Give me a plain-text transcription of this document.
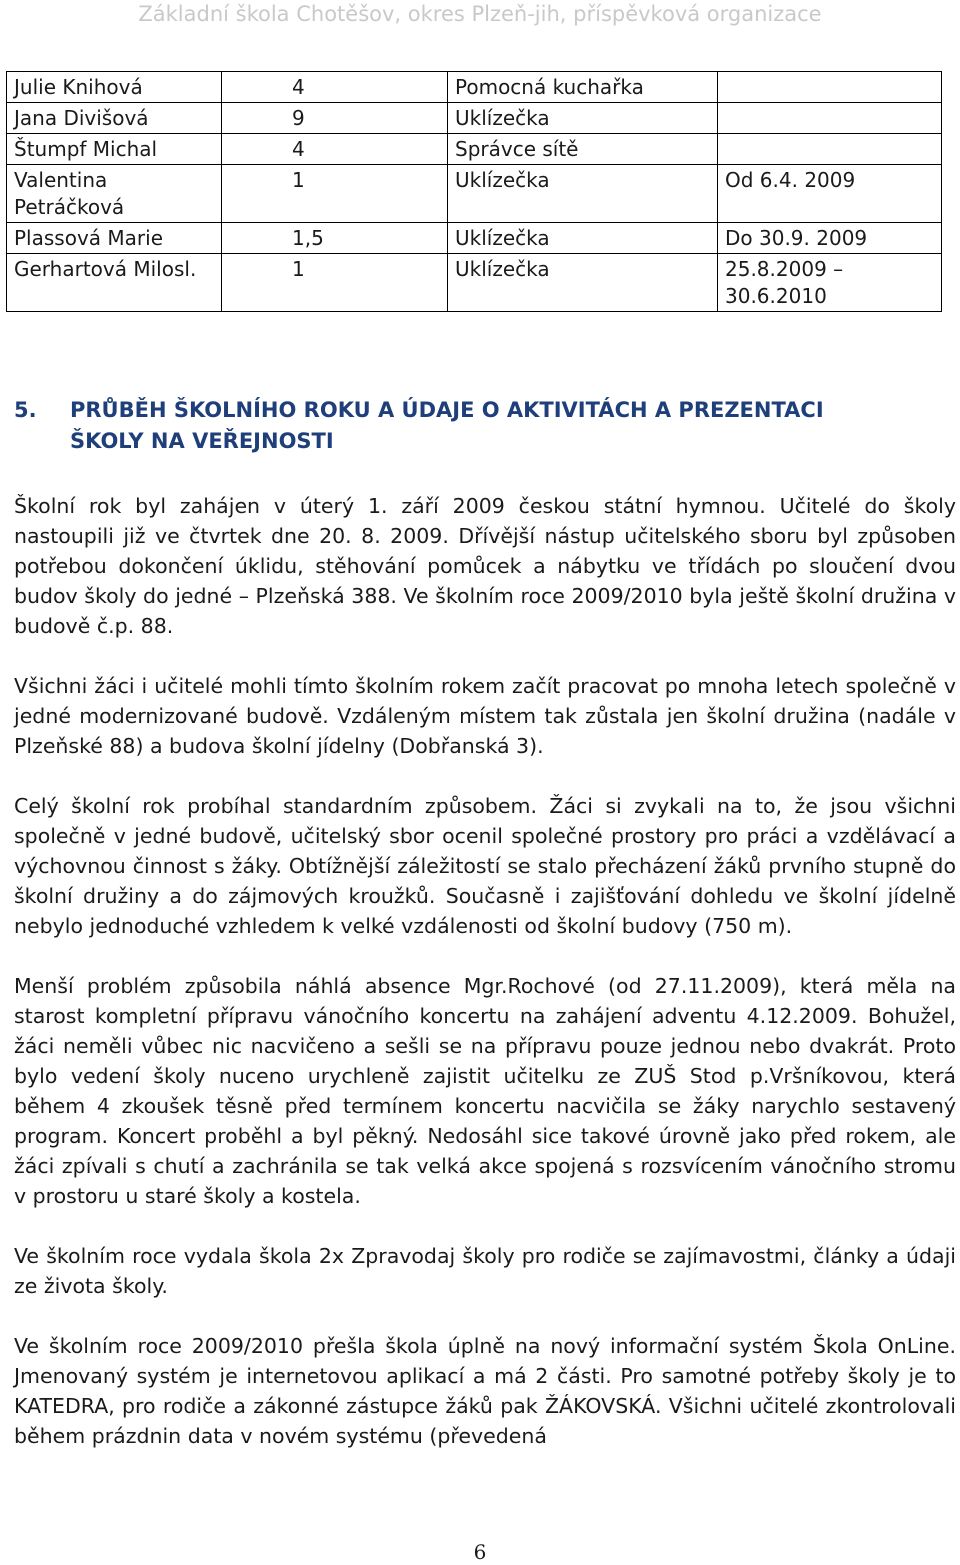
Základní škola Chotěšov, okres Plzeň-jih, příspěvková organizace
Julie Knihová	4	Pomocná kuchařka	
Jana Divišová	9	Uklízečka	
Štumpf Michal	4	Správce sítě	
Valentina Petráčková	1	Uklízečka	Od 6.4. 2009
Plassová Marie	1,5	Uklízečka	Do 30.9. 2009
Gerhartová Milosl.	1	Uklízečka	25.8.2009 – 30.6.2010
5. PRŮBĚH ŠKOLNÍHO ROKU A ÚDAJE O AKTIVITÁCH A PREZENTACI
ŠKOLY NA VEŘEJNOSTI

Školní rok byl zahájen v úterý 1. září 2009 českou státní hymnou. Učitelé do školy nastoupili již ve čtvrtek dne 20. 8. 2009. Dřívější nástup učitelského sboru byl způsoben potřebou dokončení úklidu, stěhování pomůcek a nábytku ve třídách po sloučení dvou budov školy do jedné – Plzeňská 388. Ve školním roce 2009/2010 byla ještě školní družina v budově č.p. 88.

Všichni žáci i učitelé mohli tímto školním rokem začít pracovat po mnoha letech společně v jedné modernizované budově. Vzdáleným místem tak zůstala jen školní družina (nadále v Plzeňské 88) a budova školní jídelny (Dobřanská 3).

Celý školní rok probíhal standardním způsobem. Žáci si zvykali na to, že jsou všichni společně v jedné budově, učitelský sbor ocenil společné prostory pro práci a vzdělávací a výchovnou činnost s žáky. Obtížnější záležitostí se stalo přecházení žáků prvního stupně do školní družiny a do zájmových kroužků. Současně i zajišťování dohledu ve školní jídelně nebylo jednoduché vzhledem k velké vzdálenosti od školní budovy (750 m).

Menší problém způsobila náhlá absence Mgr.Rochové (od 27.11.2009), která měla na starost kompletní přípravu vánočního koncertu na zahájení adventu 4.12.2009. Bohužel, žáci neměli vůbec nic nacvičeno a sešli se na přípravu pouze jednou nebo dvakrát. Proto bylo vedení školy nuceno urychleně zajistit učitelku ze ZUŠ Stod p.Vršníkovou, která během 4 zkoušek těsně před termínem koncertu nacvičila se žáky narychlo sestavený program. Koncert proběhl a byl pěkný. Nedosáhl sice takové úrovně jako před rokem, ale žáci zpívali s chutí a zachránila se tak velká akce spojená s rozsvícením vánočního stromu v prostoru u staré školy a kostela.

Ve školním roce vydala škola 2x Zpravodaj školy pro rodiče se zajímavostmi, články a údaji ze života školy.

Ve školním roce 2009/2010 přešla škola úplně na nový informační systém Škola OnLine. Jmenovaný systém je internetovou aplikací a má 2 části. Pro samotné potřeby školy je to KATEDRA, pro rodiče a zákonné zástupce žáků pak ŽÁKOVSKÁ. Všichni učitelé zkontrolovali během prázdnin data v novém systému (převedená

6
